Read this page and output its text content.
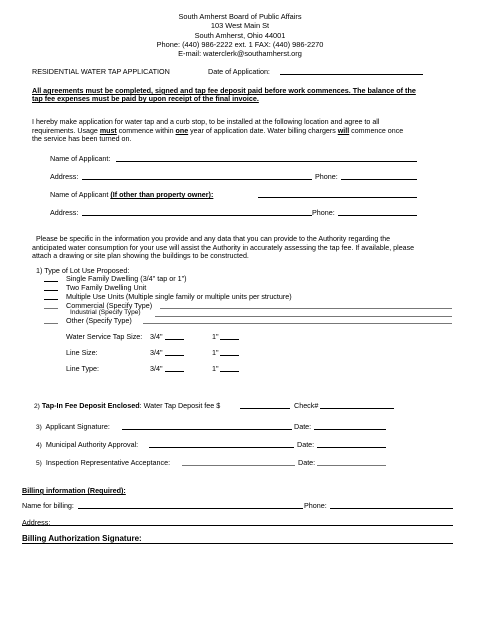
South Amherst Board of Public Affairs
103 West Main St
South Amherst, Ohio 44001
Phone: (440) 986-2222 ext. 1 FAX: (440) 986-2270
E-mail: waterclerk@southamherst.org
RESIDENTIAL WATER TAP APPLICATION	Date of Application:
All agreements must be completed, signed and tap fee deposit paid before work commences. The balance of the
tap fee expenses must be paid by upon receipt of the final invoice.
I hereby make application for water tap and a curb stop, to be installed at the following location and agree to all
requirements. Usage must commence within one year of application date. Water billing chargers will commence once
the service has been turned on.
Name of Applicant:
Address:	Phone:
Name of Applicant (If other than property owner):
Address:	Phone:
Please be specific in the information you provide and any data that you can provide to the Authority regarding the
anticipated water consumption for your use will assist the Authority in accurately assessing the tap fee. If available, please
attach a drawing or site plan showing the buildings to be constructed.
1) Type of Lot Use Proposed:
Single Family Dwelling (3/4" tap or 1")
Two Family Dwelling Unit
Multiple Use Units (Multiple single family or multiple units per structure)
Commercial (Specify Type)
Industrial (Specify Type)
Other (Specify Type)
Water Service Tap Size: 3/4"	1"
Line Size:	3/4"	1"
Line Type:	3/4"	1"
2) Tap-In Fee Deposit Enclosed: Water Tap Deposit fee $	Check#
3) Applicant Signature:	Date:
4) Municipal Authority Approval:	Date:
5) Inspection Representative Acceptance:	Date:
Billing information (Required):
Name for billing:	Phone:
Address:
Billing Authorization Signature:
